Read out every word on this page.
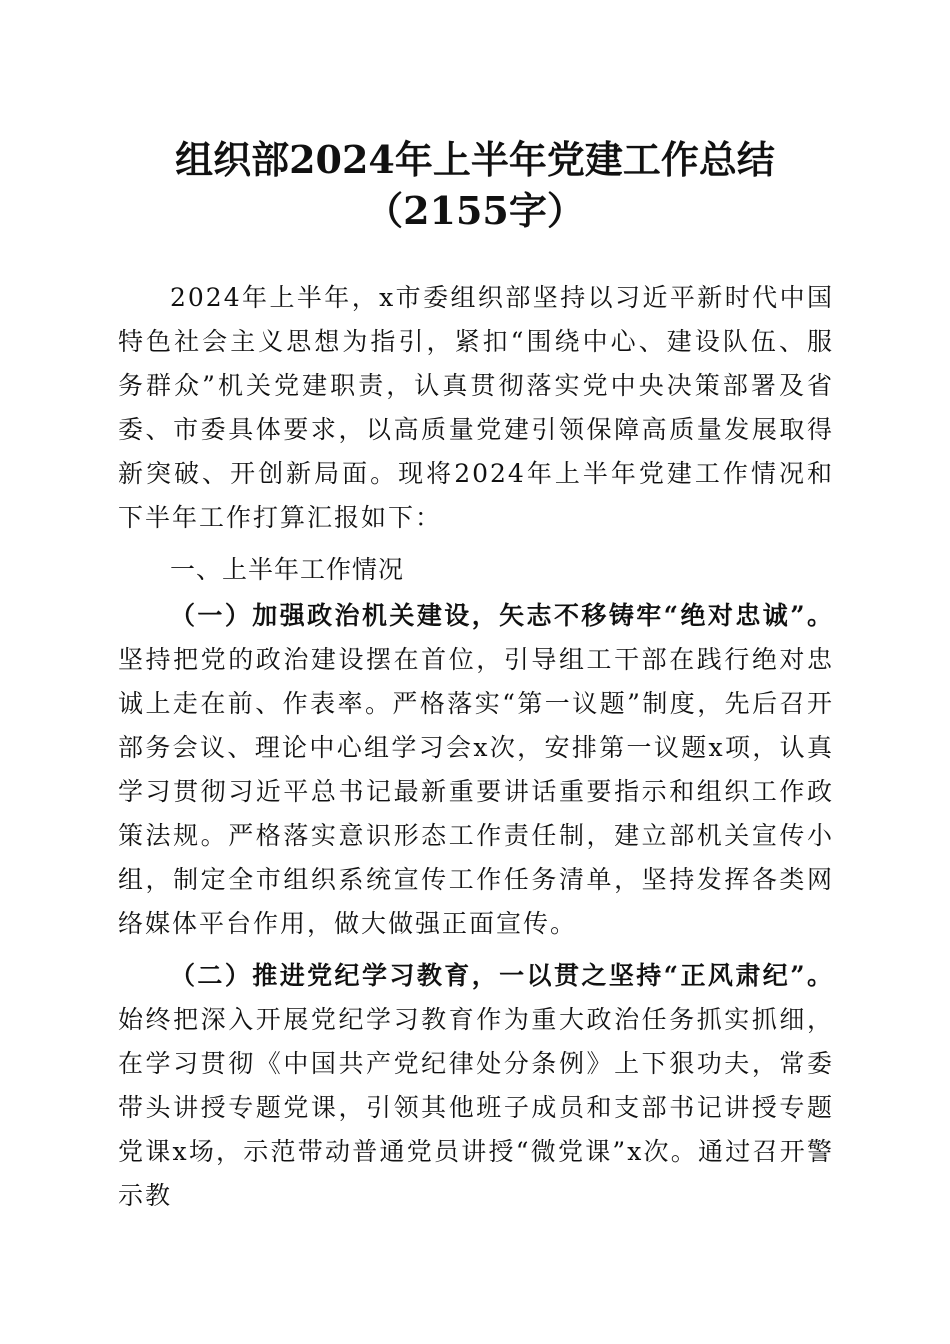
组织部2024年上半年党建工作总结（2155字）

2024年上半年，x市委组织部坚持以习近平新时代中国特色社会主义思想为指引，紧扣“围绕中心、建设队伍、服务群众”机关党建职责，认真贯彻落实党中央决策部署及省委、市委具体要求，以高质量党建引领保障高质量发展取得新突破、开创新局面。现将2024年上半年党建工作情况和下半年工作打算汇报如下：

一、上半年工作情况

（一）加强政治机关建设，矢志不移铸牢“绝对忠诚”。坚持把党的政治建设摆在首位，引导组工干部在践行绝对忠诚上走在前、作表率。严格落实“第一议题”制度，先后召开部务会议、理论中心组学习会x次，安排第一议题x项，认真学习贯彻习近平总书记最新重要讲话重要指示和组织工作政策法规。严格落实意识形态工作责任制，建立部机关宣传小组，制定全市组织系统宣传工作任务清单，坚持发挥各类网络媒体平台作用，做大做强正面宣传。

（二）推进党纪学习教育，一以贯之坚持“正风肃纪”。始终把深入开展党纪学习教育作为重大政治任务抓实抓细，在学习贯彻《中国共产党纪律处分条例》上下狠功夫，常委带头讲授专题党课，引领其他班子成员和支部书记讲授专题党课x场，示范带动普通党员讲授“微党课”x次。通过召开警示教
